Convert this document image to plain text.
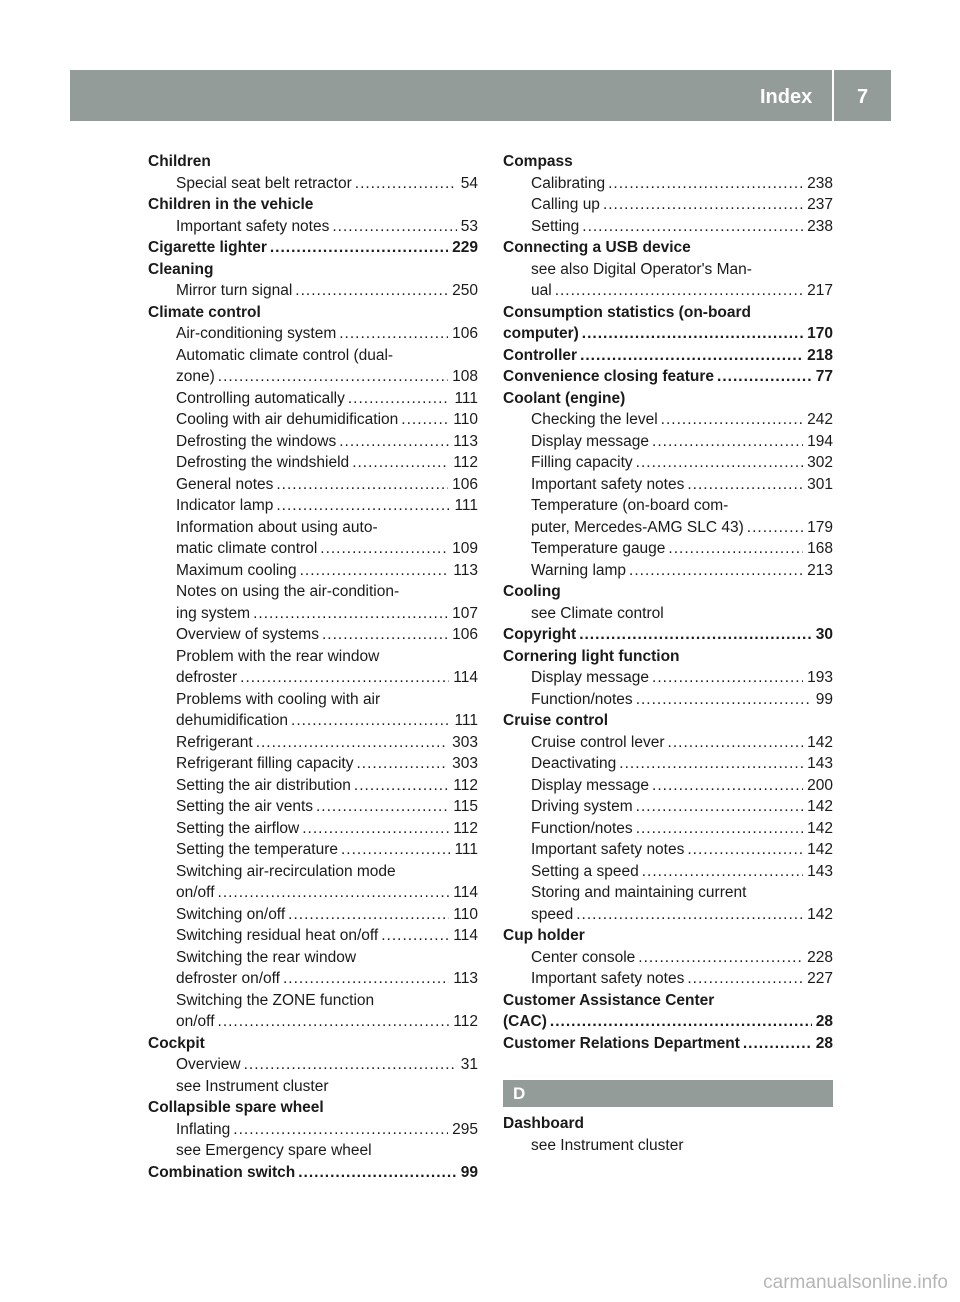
Index 7
Children
Special seat belt retractor .....	54
Children in the vehicle
Important safety notes .....	53
Cigarette lighter .....	229
Cleaning
Mirror turn signal .....	250
Climate control
Air-conditioning system .....	106
Automatic climate control (dual-
zone) .....	108
Controlling automatically .....	111
Cooling with air dehumidification .....	110
Defrosting the windows .....	113
Defrosting the windshield .....	112
General notes .....	106
Indicator lamp .....	111
Information about using auto-
matic climate control .....	109
Maximum cooling .....	113
Notes on using the air-condition-
ing system .....	107
Overview of systems .....	106
Problem with the rear window
defroster .....	114
Problems with cooling with air
dehumidification .....	111
Refrigerant .....	303
Refrigerant filling capacity .....	303
Setting the air distribution .....	112
Setting the air vents .....	115
Setting the airflow .....	112
Setting the temperature .....	111
Switching air-recirculation mode
on/off .....	114
Switching on/off .....	110
Switching residual heat on/off .....	114
Switching the rear window
defroster on/off .....	113
Switching the ZONE function
on/off .....	112
Cockpit
Overview .....	31
see Instrument cluster
Collapsible spare wheel
Inflating .....	295
see Emergency spare wheel
Combination switch .....	99
Compass
Calibrating .....	238
Calling up .....	237
Setting .....	238
Connecting a USB device
see also Digital Operator's Man-
ual .....	217
Consumption statistics (on-board
computer) .....	170
Controller .....	218
Convenience closing feature .....	77
Coolant (engine)
Checking the level .....	242
Display message .....	194
Filling capacity .....	302
Important safety notes .....	301
Temperature (on-board com-
puter, Mercedes-AMG SLC 43) .....	179
Temperature gauge .....	168
Warning lamp .....	213
Cooling
see Climate control
Copyright .....	30
Cornering light function
Display message .....	193
Function/notes .....	99
Cruise control
Cruise control lever .....	142
Deactivating .....	143
Display message .....	200
Driving system .....	142
Function/notes .....	142
Important safety notes .....	142
Setting a speed .....	143
Storing and maintaining current
speed .....	142
Cup holder
Center console .....	228
Important safety notes .....	227
Customer Assistance Center
(CAC) .....	28
Customer Relations Department .....	28
D
Dashboard
see Instrument cluster
carmanualsonline.info
